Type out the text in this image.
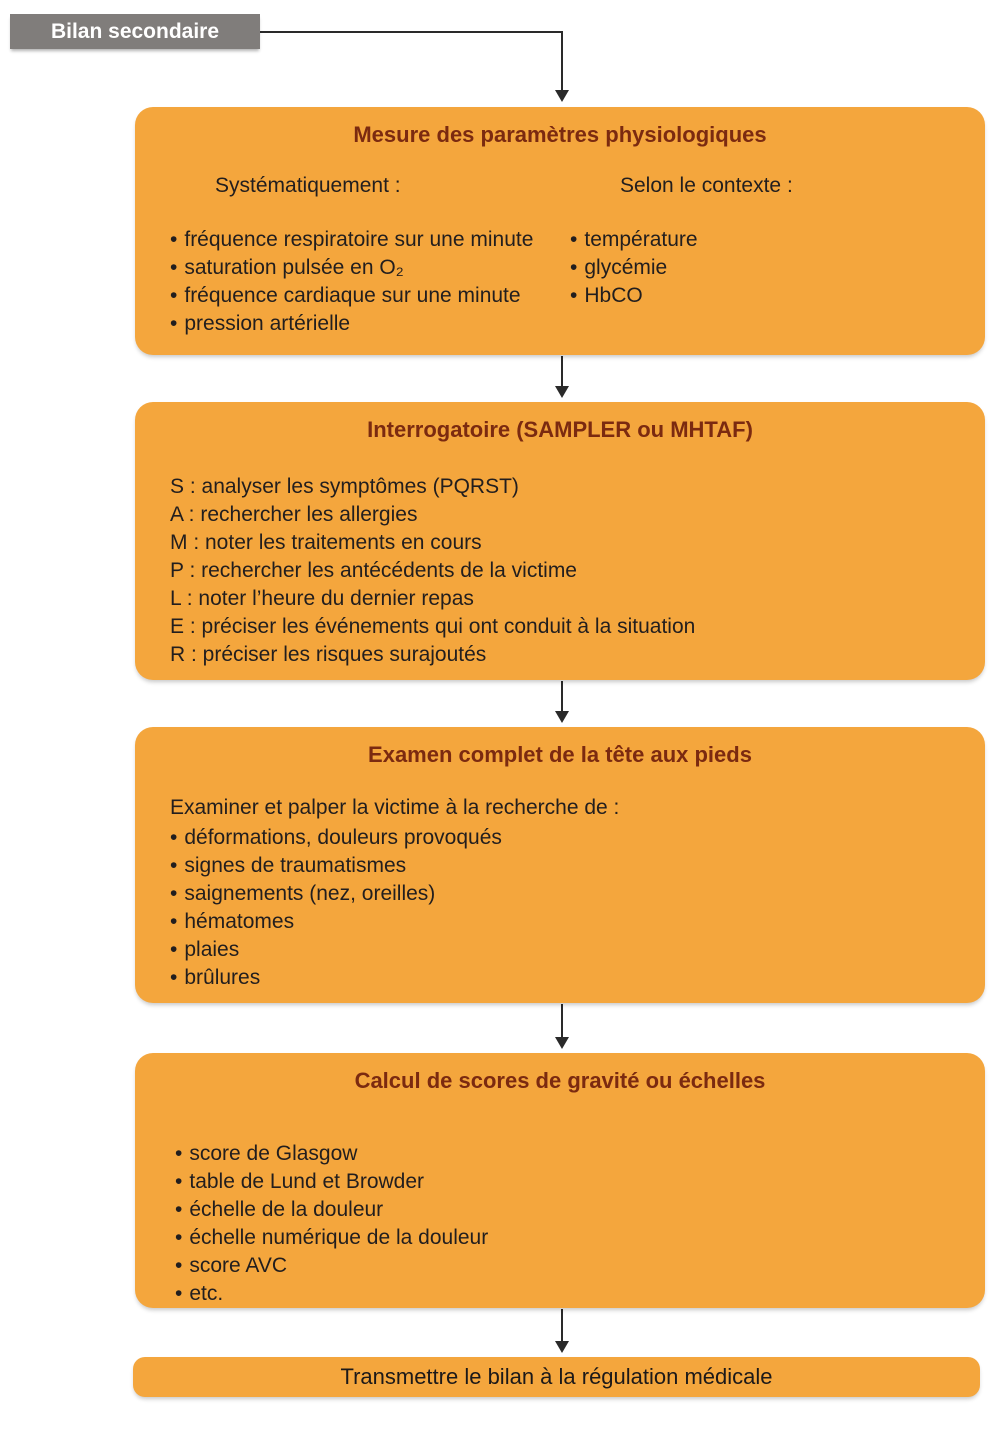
Bilan secondaire
Mesure des paramètres physiologiques
Systématiquement :
• fréquence respiratoire sur une minute
• saturation pulsée en O₂
• fréquence cardiaque sur une minute
• pression artérielle
Selon le contexte :
• température
• glycémie
• HbCO
Interrogatoire (SAMPLER ou MHTAF)
S : analyser les symptômes (PQRST)
A : rechercher les allergies
M : noter les traitements en cours
P : rechercher les antécédents de la victime
L : noter l’heure du dernier repas
E : préciser les événements qui ont conduit à la situation
R : préciser les risques surajoutés
Examen complet de la tête aux pieds
Examiner et palper la victime à la recherche de :
• déformations, douleurs provoqués
• signes de traumatismes
• saignements (nez, oreilles)
• hématomes
• plaies
• brûlures
Calcul de scores de gravité ou échelles
• score de Glasgow
• table de Lund et Browder
• échelle de la douleur
• échelle numérique de la douleur
• score AVC
• etc.
Transmettre le bilan à la régulation médicale
